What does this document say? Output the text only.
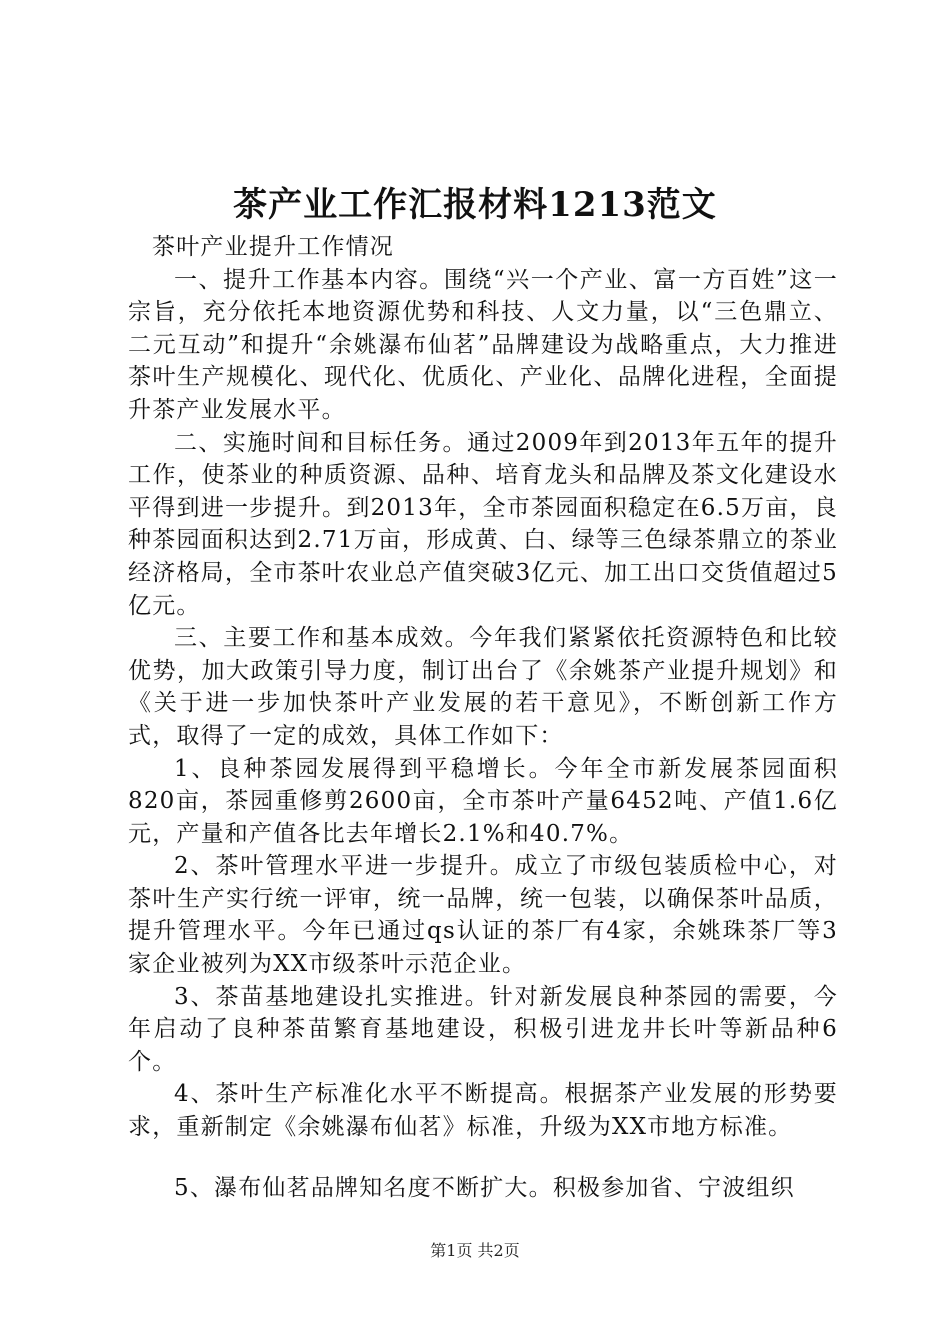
茶产业工作汇报材料1213范文

茶叶产业提升工作情况

一、提升工作基本内容。围绕“兴一个产业、富一方百姓”这一宗旨，充分依托本地资源优势和科技、人文力量，以“三色鼎立、二元互动”和提升“余姚瀑布仙茗”品牌建设为战略重点，大力推进茶叶生产规模化、现代化、优质化、产业化、品牌化进程，全面提升茶产业发展水平。

二、实施时间和目标任务。通过2009年到2013年五年的提升工作，使茶业的种质资源、品种、培育龙头和品牌及茶文化建设水平得到进一步提升。到2013年，全市茶园面积稳定在6.5万亩，良种茶园面积达到2.71万亩，形成黄、白、绿等三色绿茶鼎立的茶业经济格局，全市茶叶农业总产值突破3亿元、加工出口交货值超过5亿元。

三、主要工作和基本成效。今年我们紧紧依托资源特色和比较优势，加大政策引导力度，制订出台了《余姚茶产业提升规划》和《关于进一步加快茶叶产业发展的若干意见》，不断创新工作方式，取得了一定的成效，具体工作如下：

1、良种茶园发展得到平稳增长。今年全市新发展茶园面积820亩，茶园重修剪2600亩，全市茶叶产量6452吨、产值1.6亿元，产量和产值各比去年增长2.1%和40.7%。

2、茶叶管理水平进一步提升。成立了市级包装质检中心，对茶叶生产实行统一评审，统一品牌，统一包装，以确保茶叶品质，提升管理水平。今年已通过qs认证的茶厂有4家，余姚珠茶厂等3家企业被列为XX市级茶叶示范企业。

3、茶苗基地建设扎实推进。针对新发展良种茶园的需要，今年启动了良种茶苗繁育基地建设，积极引进龙井长叶等新品种6个。

4、茶叶生产标准化水平不断提高。根据茶产业发展的形势要求，重新制定《余姚瀑布仙茗》标准，升级为XX市地方标准。

5、瀑布仙茗品牌知名度不断扩大。积极参加省、宁波组织

第1页 共2页
